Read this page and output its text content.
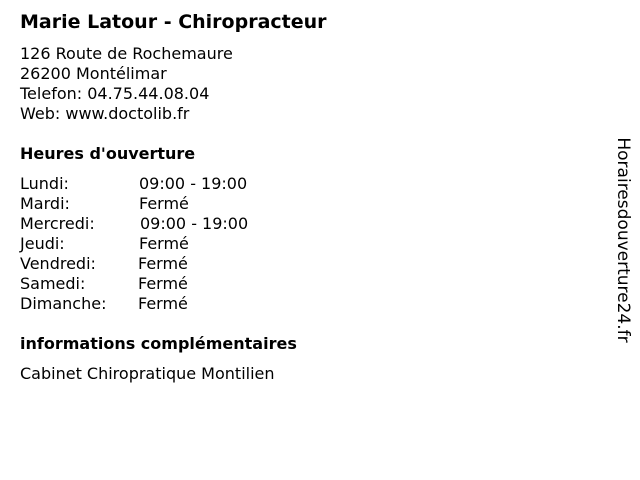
Marie Latour - Chiropracteur
126 Route de Rochemaure
26200 Montélimar
Telefon: 04.75.44.08.04
Web: www.doctolib.fr
Heures d'ouverture
Lundi:	09:00 - 19:00
Mardi:	Fermé
Mercredi:	09:00 - 19:00
Jeudi:	Fermé
Vendredi:	Fermé
Samedi:	Fermé
Dimanche: Fermé
informations complémentaires
Cabinet Chiropratique Montilien
Horairesdouverture24.fr
